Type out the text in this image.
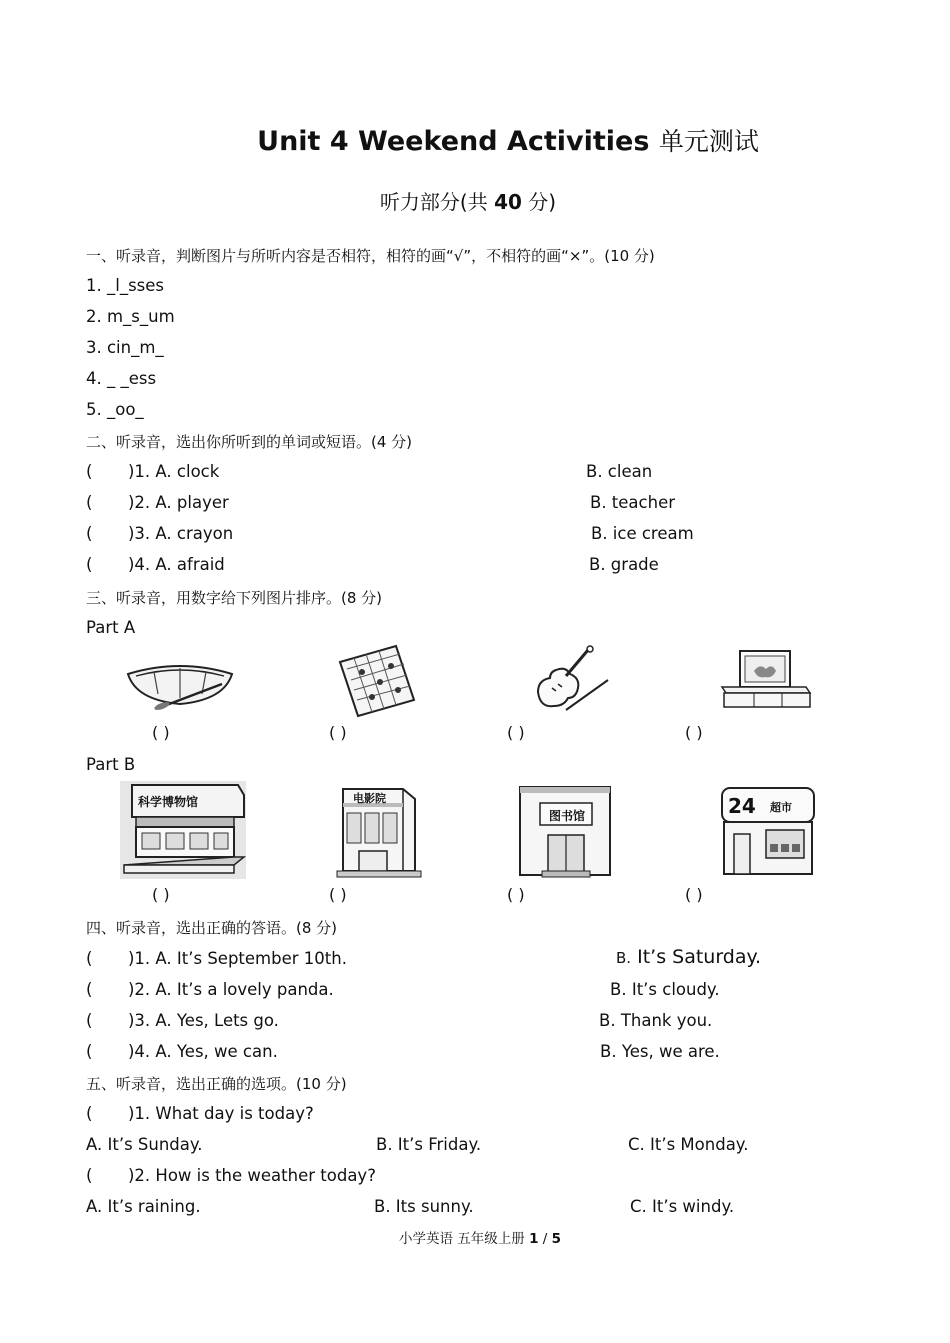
Unit 4 Weekend Activities 单元测试
听力部分(共 40 分)
一、听录音，判断图片与所听内容是否相符，相符的画“√”，不相符的画“×”。(10 分)
1. _l_sses
2. m_s_um
3. cin_m_
4. _ _ess
5. _oo_
二、听录音，选出你所听到的单词或短语。(4 分)
( )1. A. clock	B. clean
( )2. A. player	B. teacher
( )3. A. crayon	B. ice cream
( )4. A. afraid	B. grade
三、听录音，用数字给下列图片排序。(8 分)
Part A
( )	( )	( )	( )
Part B
科学博物馆	电影院
图书馆	24 超市
( )	( )	( )	( )
四、听录音，选出正确的答语。(8 分)
( )1. A. It’s September 10th.	B. It’s Saturday.
( )2. A. It’s a lovely panda.	B. It’s cloudy.
( )3. A. Yes, Lets go.	B. Thank you.
( )4. A. Yes, we can.	B. Yes, we are.
五、听录音，选出正确的选项。(10 分)
( )1. What day is today?
A. It’s Sunday.	B. It’s Friday.	C. It’s Monday.
( )2. How is the weather today?
A. It’s raining.	B. Its sunny.	C. It’s windy.
小学英语 五年级上册 1 / 5
